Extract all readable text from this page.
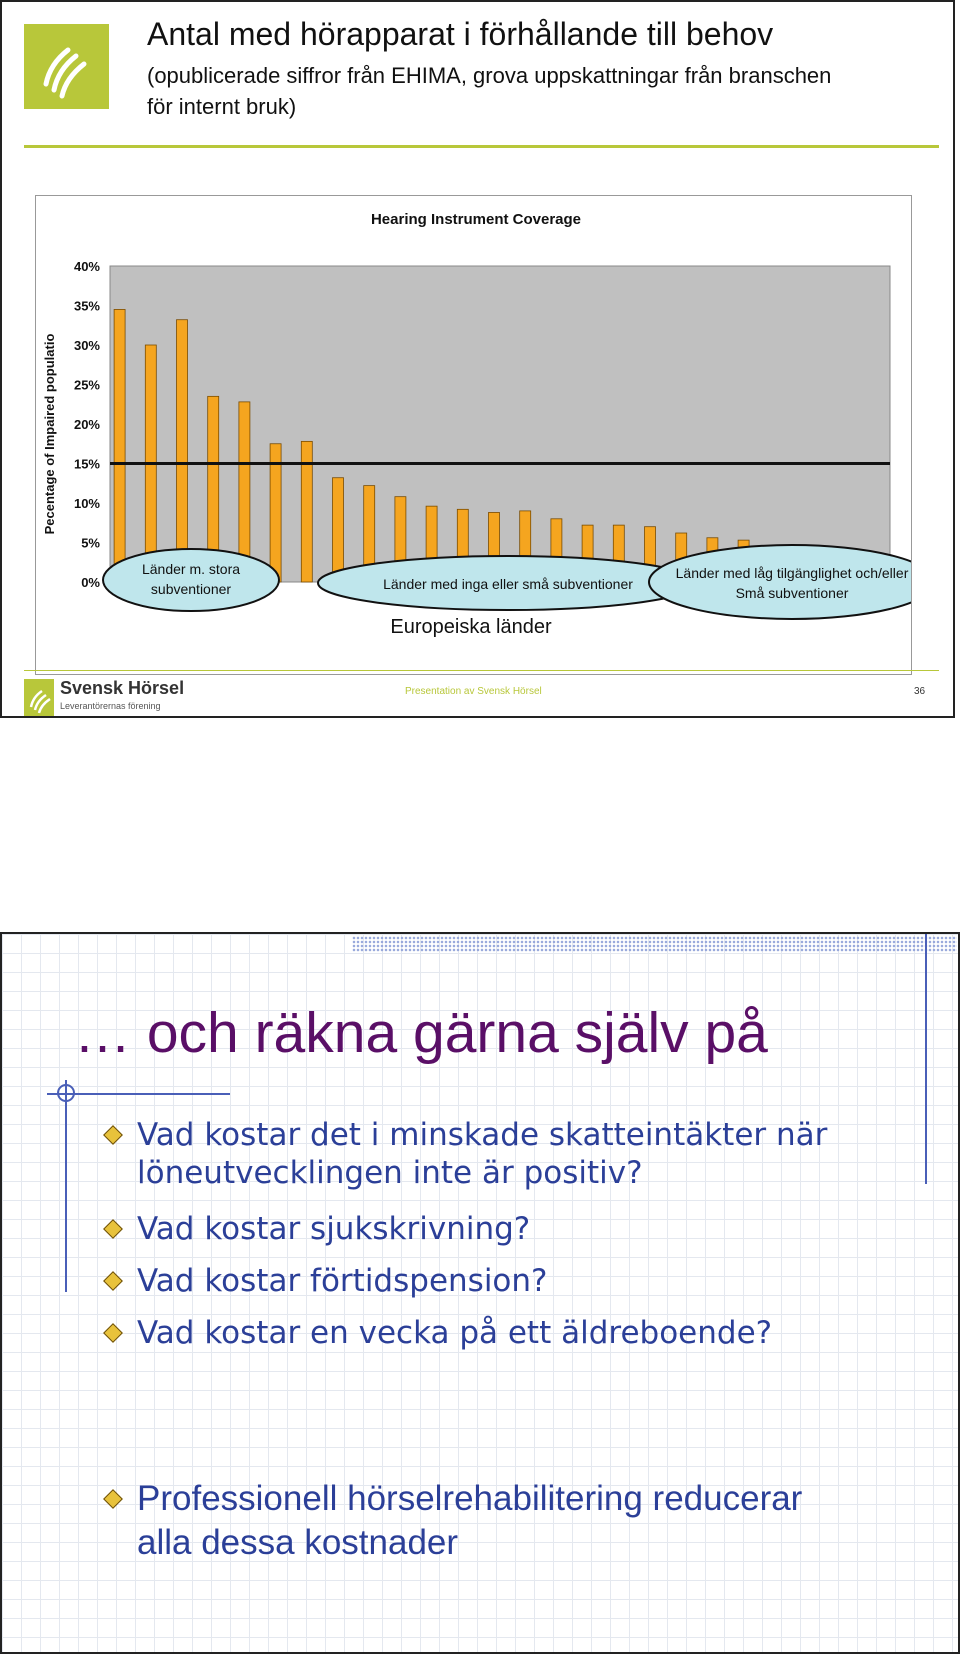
Antal med hörapparat i förhållande till behov
(opublicerade siffror från EHIMA, grova uppskattningar från branschen för internt bruk)
Hearing Instrument Coverage
0%
5%
10%
15%
20%
25%
30%
35%
40%
Pecentage of Impaired populatio
Länder m. stora
subventioner	Länder med inga eller små subventioner
Länder med låg tilgänglighet och/eller
Små subventioner
Europeiska länder
Svensk Hörsel
Leverantörernas förening
Presentation av Svensk Hörsel	36
… och räkna gärna själv på
Vad kostar det i minskade skatteintäkter när
löneutvecklingen inte är positiv?
Vad kostar sjukskrivning?
Vad kostar förtidspension?
Vad kostar en vecka på ett äldreboende?
Professionell hörselrehabilitering reducerar
alla dessa kostnader
